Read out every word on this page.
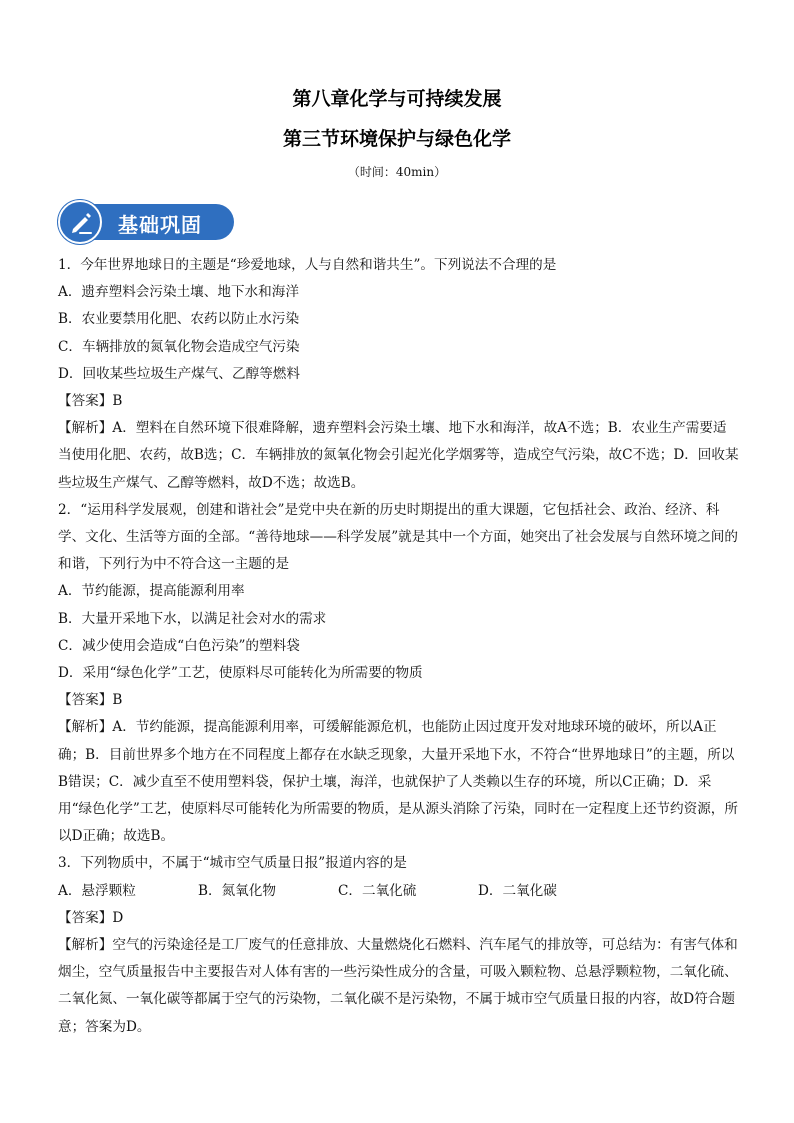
第八章化学与可持续发展
第三节环境保护与绿色化学
（时间：40min）
基础巩固

1．今年世界地球日的主题是“珍爱地球，人与自然和谐共生”。下列说法不合理的是

A．遗弃塑料会污染土壤、地下水和海洋

B．农业要禁用化肥、农药以防止水污染

C．车辆排放的氮氧化物会造成空气污染

D．回收某些垃圾生产煤气、乙醇等燃料

【答案】B

【解析】A．塑料在自然环境下很难降解，遗弃塑料会污染土壤、地下水和海洋，故A不选；B．农业生产需要适当使用化肥、农药，故B选；C．车辆排放的氮氧化物会引起光化学烟雾等，造成空气污染，故C不选；D．回收某些垃圾生产煤气、乙醇等燃料，故D不选；故选B。

2．“运用科学发展观，创建和谐社会”是党中央在新的历史时期提出的重大课题，它包括社会、政治、经济、科学、文化、生活等方面的全部。“善待地球——科学发展”就是其中一个方面，她突出了社会发展与自然环境之间的和谐，下列行为中不符合这一主题的是

A．节约能源，提高能源利用率

B．大量开采地下水，以满足社会对水的需求

C．减少使用会造成“白色污染”的塑料袋

D．采用“绿色化学”工艺，使原料尽可能转化为所需要的物质

【答案】B

【解析】A．节约能源，提高能源利用率，可缓解能源危机，也能防止因过度开发对地球环境的破坏，所以A正确；B．目前世界多个地方在不同程度上都存在水缺乏现象，大量开采地下水，不符合“世界地球日”的主题，所以B错误；C．减少直至不使用塑料袋，保护土壤，海洋，也就保护了人类赖以生存的环境，所以C正确；D．采用“绿色化学”工艺，使原料尽可能转化为所需要的物质，是从源头消除了污染，同时在一定程度上还节约资源，所以D正确；故选B。

3．下列物质中，不属于“城市空气质量日报”报道内容的是

A．悬浮颗粒	B．氮氧化物	C．二氧化硫	D．二氧化碳

【答案】D

【解析】空气的污染途径是工厂废气的任意排放、大量燃烧化石燃料、汽车尾气的排放等，可总结为：有害气体和烟尘，空气质量报告中主要报告对人体有害的一些污染性成分的含量，可吸入颗粒物、总悬浮颗粒物，二氧化硫、二氧化氮、一氧化碳等都属于空气的污染物，二氧化碳不是污染物，不属于城市空气质量日报的内容，故D符合题意；答案为D。
